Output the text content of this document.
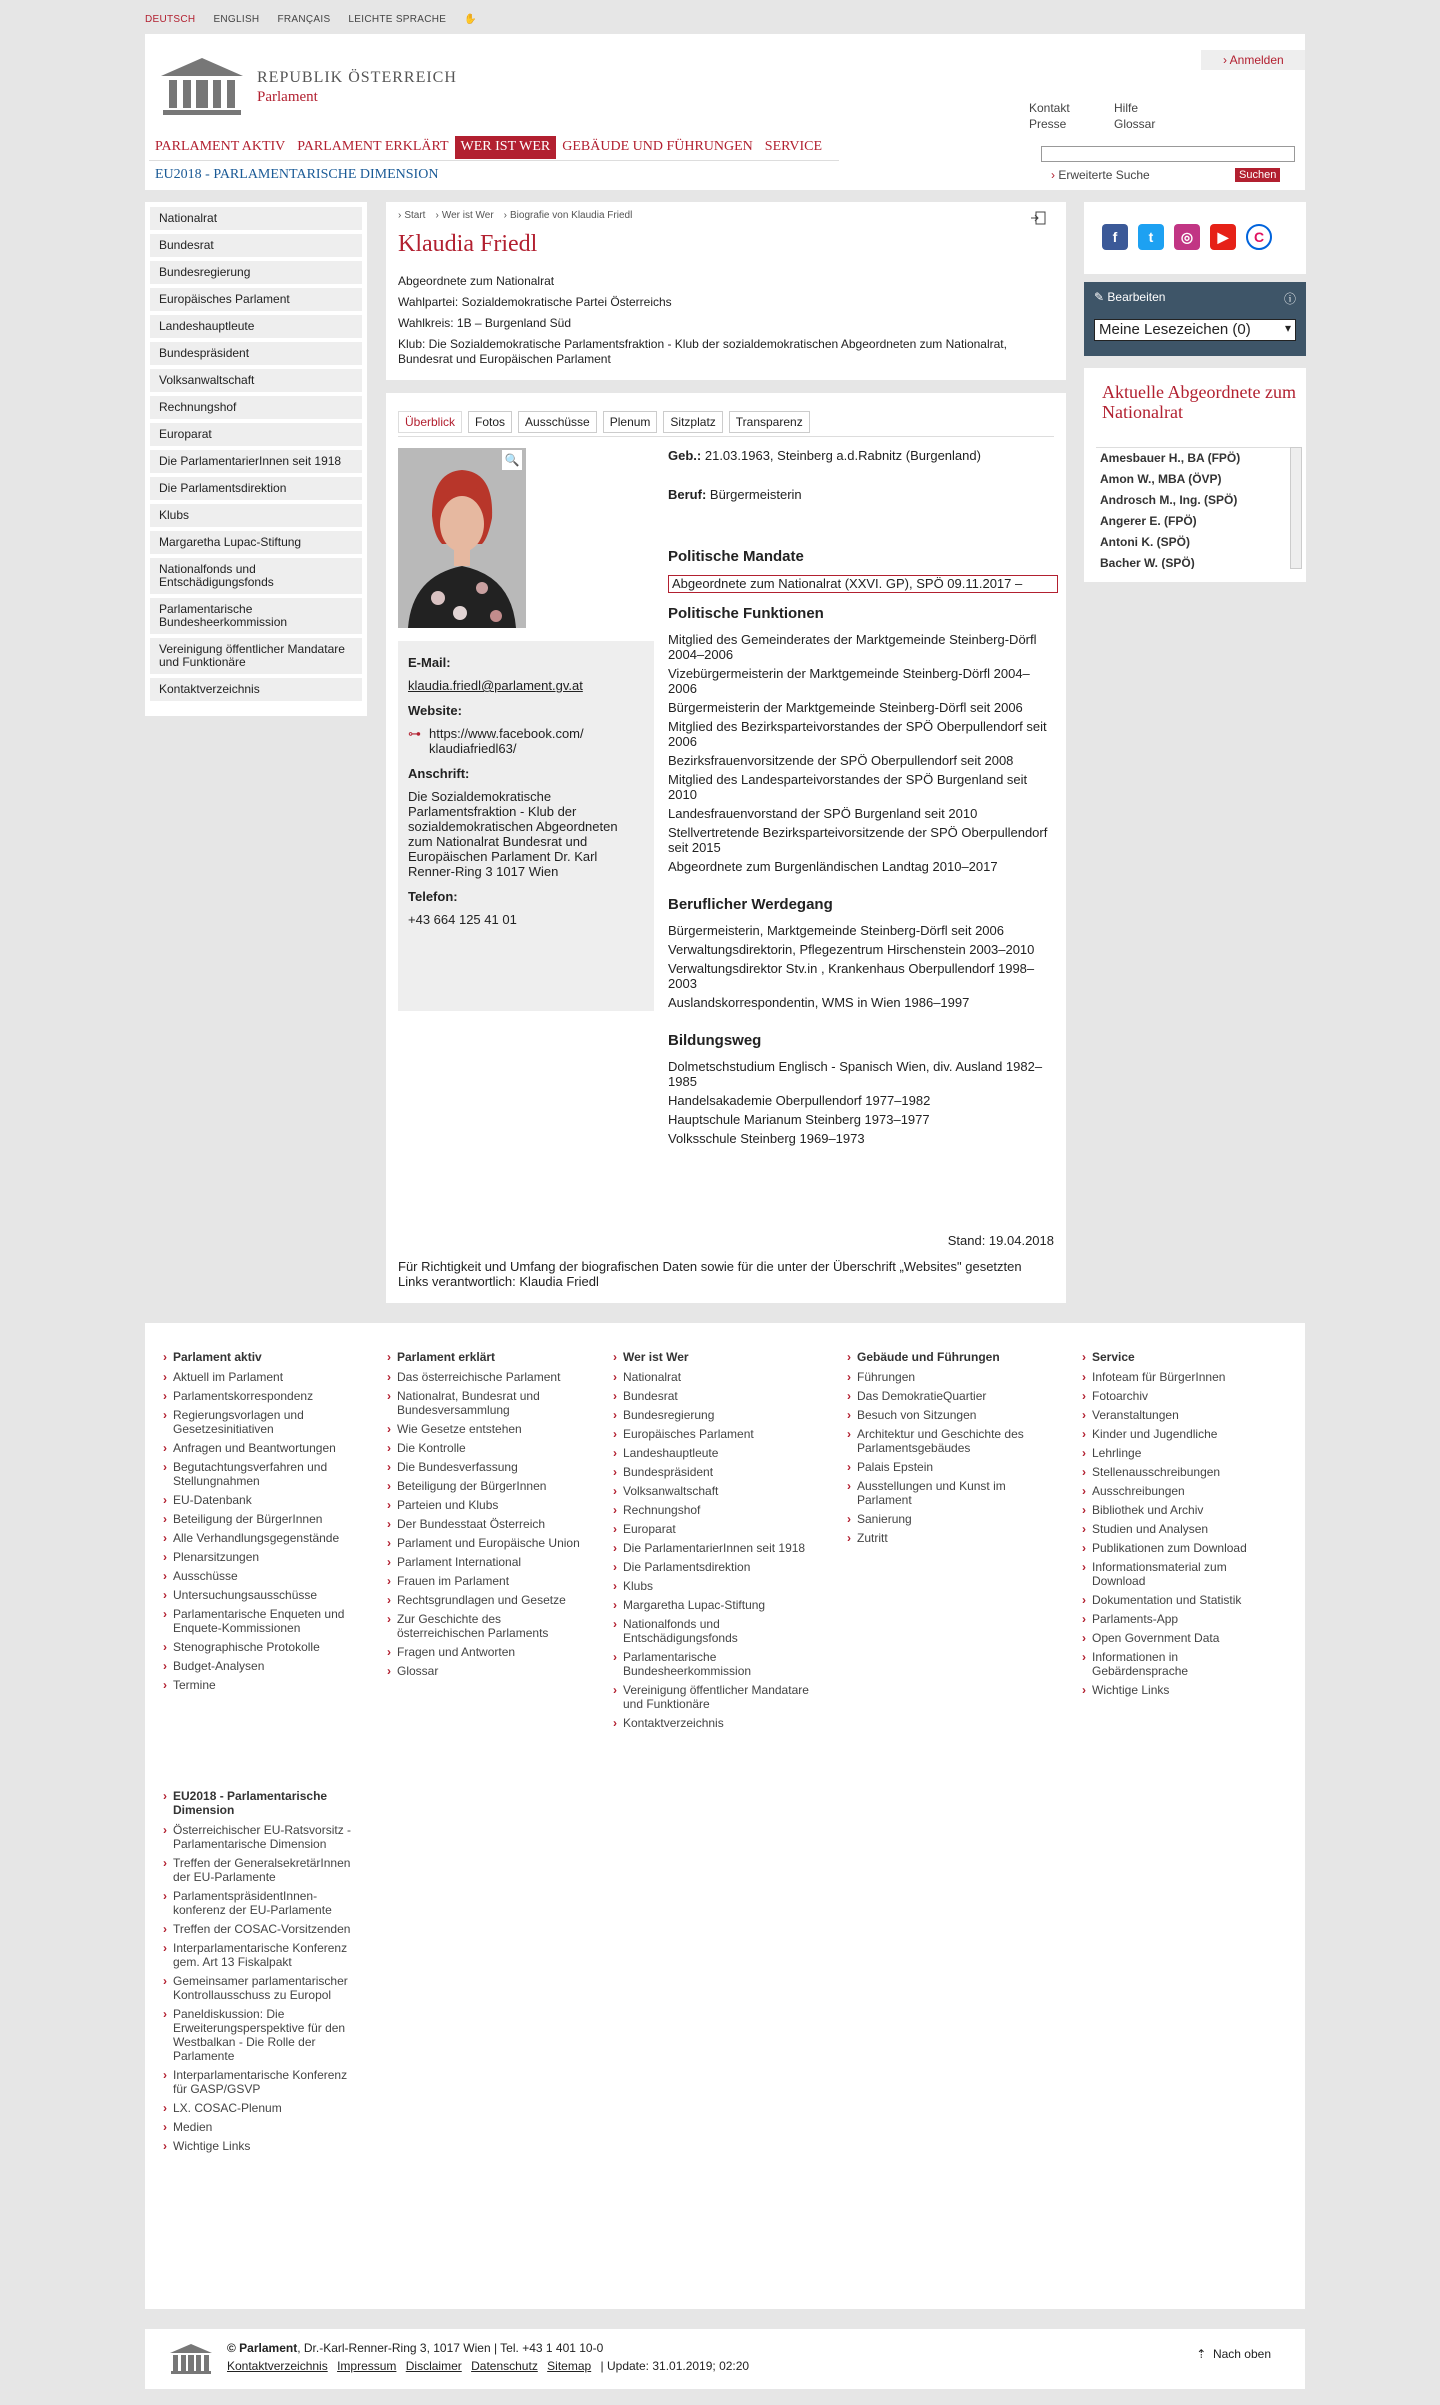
DEUTSCH ENGLISH FRANÇAIS LEICHTE SPRACHE ✋
REPUBLIK ÖSTERREICH
Parlament
› Anmelden
Kontakt	Hilfe
Presse	Glossar
› Erweiterte Suche	Suchen
PARLAMENT AKTIV PARLAMENT ERKLÄRT WER IST WER GEBÄUDE UND FÜHRUNGEN SERVICE
EU2018 - PARLAMENTARISCHE DIMENSION
Nationalrat
Bundesrat
Bundesregierung
Europäisches Parlament
Landeshauptleute
Bundespräsident
Volksanwaltschaft
Rechnungshof
Europarat
Die ParlamentarierInnen seit 1918
Die Parlamentsdirektion
Klubs
Margaretha Lupac-Stiftung
Nationalfonds und Entschädigungsfonds
Parlamentarische Bundesheerkommission
Vereinigung öffentlicher Mandatare und Funktionäre
Kontaktverzeichnis
› Start	› Wer ist Wer	› Biografie von Klaudia Friedl
Klaudia Friedl
Abgeordnete zum Nationalrat
Wahlpartei: Sozialdemokratische Partei Österreichs
Wahlkreis: 1B – Burgenland Süd
Klub: Die Sozialdemokratische Parlamentsfraktion - Klub der sozialdemokratischen Abgeordneten zum Nationalrat, Bundesrat und Europäischen Parlament
Überblick	Fotos	Ausschüsse	Plenum	Sitzplatz	Transparenz
🔍
E-Mail:
klaudia.friedl@parlament.gv.at
Website:
⊶ https://www.facebook.com/ klaudiafriedl63/
Anschrift:
Die Sozialdemokratische Parlamentsfraktion - Klub der sozialdemokratischen Abgeordneten zum Nationalrat Bundesrat und Europäischen Parlament Dr. Karl Renner-Ring 3 1017 Wien
Telefon:
+43 664 125 41 01
Geb.: 21.03.1963, Steinberg a.d.Rabnitz (Burgenland)
Beruf: Bürgermeisterin
Politische Mandate
Abgeordnete zum Nationalrat (XXVI. GP), SPÖ 09.11.2017 –
Politische Funktionen
Mitglied des Gemeinderates der Marktgemeinde Steinberg-Dörfl 2004–2006
Vizebürgermeisterin der Marktgemeinde Steinberg-Dörfl 2004–2006
Bürgermeisterin der Marktgemeinde Steinberg-Dörfl seit 2006
Mitglied des Bezirksparteivorstandes der SPÖ Oberpullendorf seit 2006
Bezirksfrauenvorsitzende der SPÖ Oberpullendorf seit 2008
Mitglied des Landesparteivorstandes der SPÖ Burgenland seit 2010
Landesfrauenvorstand der SPÖ Burgenland seit 2010
Stellvertretende Bezirksparteivorsitzende der SPÖ Oberpullendorf seit 2015
Abgeordnete zum Burgenländischen Landtag 2010–2017
Beruflicher Werdegang
Bürgermeisterin, Marktgemeinde Steinberg-Dörfl seit 2006
Verwaltungsdirektorin, Pflegezentrum Hirschenstein 2003–2010
Verwaltungsdirektor Stv.in , Krankenhaus Oberpullendorf 1998–2003
Auslandskorrespondentin, WMS in Wien 1986–1997
Bildungsweg
Dolmetschstudium Englisch - Spanisch Wien, div. Ausland 1982–1985
Handelsakademie Oberpullendorf 1977–1982
Hauptschule Marianum Steinberg 1973–1977
Volksschule Steinberg 1969–1973
Stand: 19.04.2018
Für Richtigkeit und Umfang der biografischen Daten sowie für die unter der Überschrift „Websites" gesetzten Links verantwortlich: Klaudia Friedl
f	t	◎	▶	C
✎ Bearbeiten	ⓘ
Meine Lesezeichen (0) ▾
Aktuelle Abgeordnete zum Nationalrat
Amesbauer H., BA (FPÖ)
Amon W., MBA (ÖVP)
Androsch M., Ing. (SPÖ)
Angerer E. (FPÖ)
Antoni K. (SPÖ)
Bacher W. (SPÖ)
› Parlament aktiv
› Aktuell im Parlament
› Parlamentskorrespondenz
› Regierungsvorlagen und Gesetzesinitiativen
› Anfragen und Beantwortungen
› Begutachtungsverfahren und Stellungnahmen
› EU-Datenbank
› Beteiligung der BürgerInnen
› Alle Verhandlungsgegenstände
› Plenarsitzungen
› Ausschüsse
› Untersuchungsausschüsse
› Parlamentarische Enqueten und Enquete-Kommissionen
› Stenographische Protokolle
› Budget-Analysen
› Termine
› Parlament erklärt
› Das österreichische Parlament
› Nationalrat, Bundesrat und Bundesversammlung
› Wie Gesetze entstehen
› Die Kontrolle
› Die Bundesverfassung
› Beteiligung der BürgerInnen
› Parteien und Klubs
› Der Bundesstaat Österreich
› Parlament und Europäische Union
› Parlament International
› Frauen im Parlament
› Rechtsgrundlagen und Gesetze
› Zur Geschichte des österreichischen Parlaments
› Fragen und Antworten
› Glossar
› Wer ist Wer
› Nationalrat
› Bundesrat
› Bundesregierung
› Europäisches Parlament
› Landeshauptleute
› Bundespräsident
› Volksanwaltschaft
› Rechnungshof
› Europarat
› Die ParlamentarierInnen seit 1918
› Die Parlamentsdirektion
› Klubs
› Margaretha Lupac-Stiftung
› Nationalfonds und Entschädigungsfonds
› Parlamentarische Bundesheerkommission
› Vereinigung öffentlicher Mandatare und Funktionäre
› Kontaktverzeichnis
› Gebäude und Führungen
› Führungen
› Das DemokratieQuartier
› Besuch von Sitzungen
› Architektur und Geschichte des Parlamentsgebäudes
› Palais Epstein
› Ausstellungen und Kunst im Parlament
› Sanierung
› Zutritt
› Service
› Infoteam für BürgerInnen
› Fotoarchiv
› Veranstaltungen
› Kinder und Jugendliche
› Lehrlinge
› Stellenausschreibungen
› Ausschreibungen
› Bibliothek und Archiv
› Studien und Analysen
› Publikationen zum Download
› Informationsmaterial zum Download
› Dokumentation und Statistik
› Parlaments-App
› Open Government Data
› Informationen in Gebärdensprache
› Wichtige Links
› EU2018 - Parlamentarische Dimension
› Österreichischer EU-Ratsvorsitz - Parlamentarische Dimension
› Treffen der GeneralsekretärInnen der EU-Parlamente
› ParlamentspräsidentInnen-konferenz der EU-Parlamente
› Treffen der COSAC-Vorsitzenden
› Interparlamentarische Konferenz gem. Art 13 Fiskalpakt
› Gemeinsamer parlamentarischer Kontrollausschuss zu Europol
› Paneldiskussion: Die Erweiterungsperspektive für den Westbalkan - Die Rolle der Parlamente
› Interparlamentarische Konferenz für GASP/GSVP
› LX. COSAC-Plenum
› Medien
› Wichtige Links
© Parlament, Dr.-Karl-Renner-Ring 3, 1017 Wien | Tel. +43 1 401 10-0
Kontaktverzeichnis Impressum Disclaimer Datenschutz Sitemap | Update: 31.01.2019; 02:20
⇡ Nach oben
